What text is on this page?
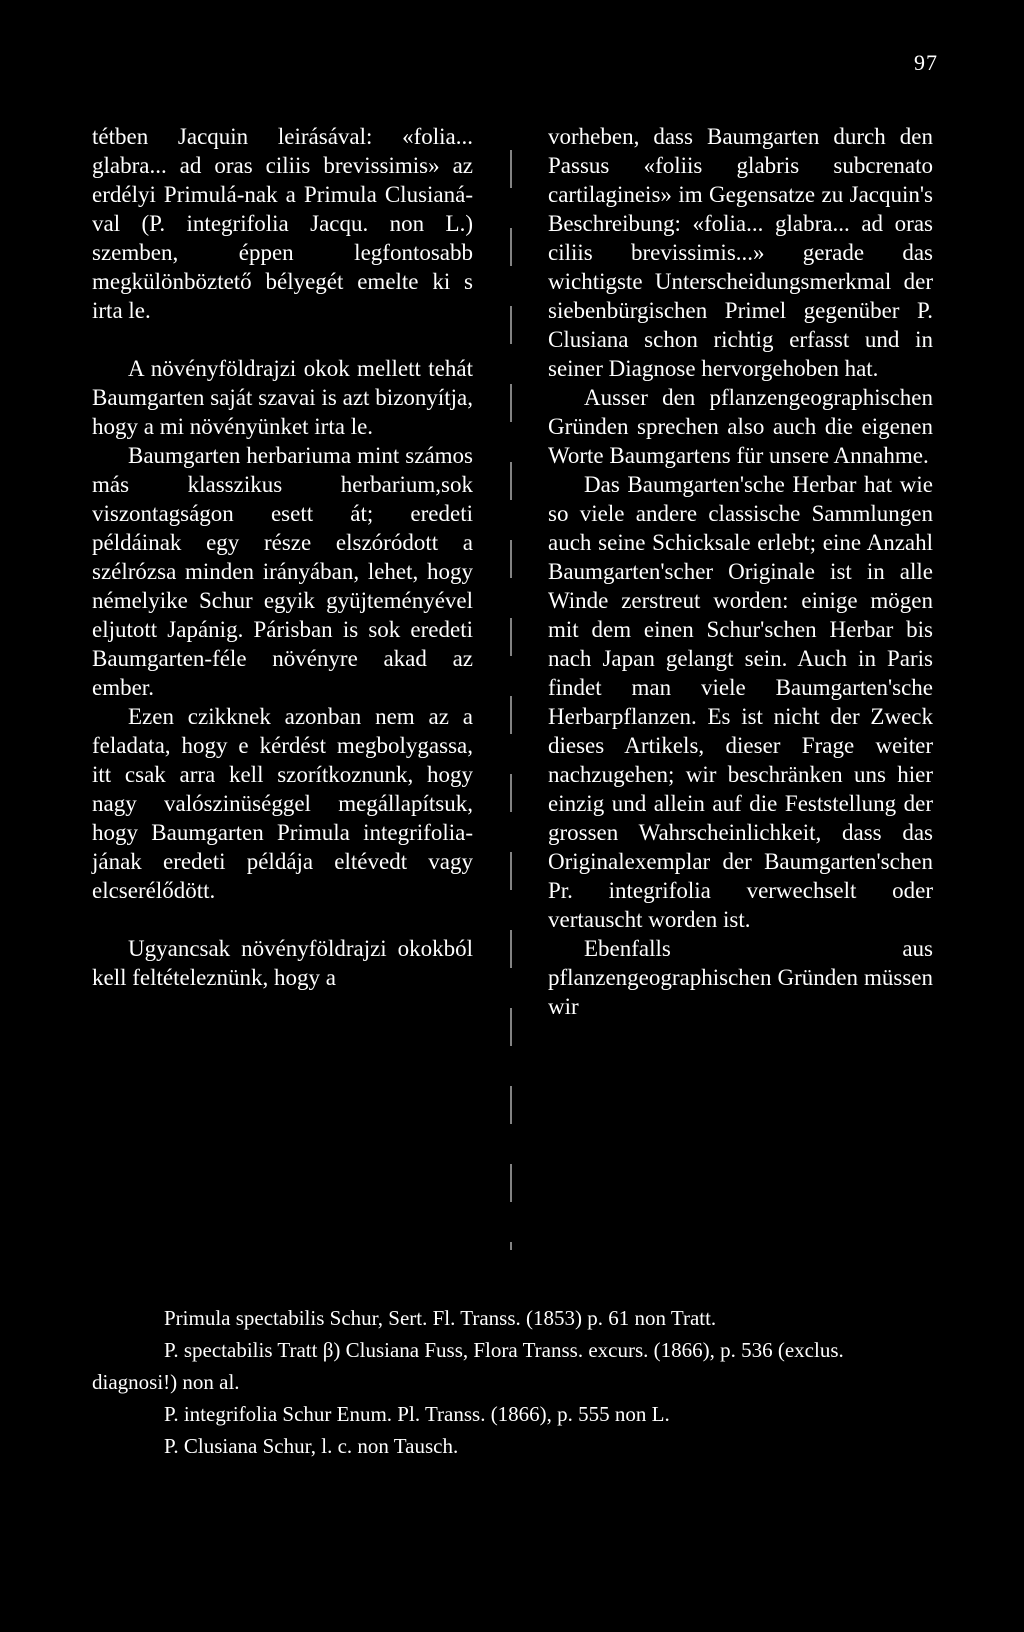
97

tétben Jacquin leirásával: «folia... glabra... ad oras ciliis brevissimis» az erdélyi Primulá-nak a Primula Clusianá-val (P. integrifolia Jacqu. non L.) szemben, éppen legfontosabb megkülönböztető bélyegét emelte ki s irta le.

A növényföldrajzi okok mellett tehát Baumgarten saját szavai is azt bizonyítja, hogy a mi növényünket irta le.

Baumgarten herbariuma mint számos más klasszikus herbarium,sok viszontagságon esett át; eredeti példáinak egy része elszóródott a szélrózsa minden irányában, lehet, hogy némelyike Schur egyik gyüjteményével eljutott Japánig. Párisban is sok eredeti Baumgarten-féle növényre akad az ember.

Ezen czikknek azonban nem az a feladata, hogy e kérdést megbolygassa, itt csak arra kell szorítkoznunk, hogy nagy valószinüséggel megállapítsuk, hogy Baumgarten Primula integrifolia-jának eredeti példája eltévedt vagy elcserélődött.

Ugyancsak növényföldrajzi okokból kell feltételeznünk, hogy a

vorheben, dass Baumgarten durch den Passus «foliis glabris subcrenato cartilagineis» im Gegensatze zu Jacquin's Beschreibung: «folia... glabra... ad oras ciliis brevissimis...» gerade das wichtigste Unterscheidungsmerkmal der siebenbürgischen Primel gegenüber P. Clusiana schon richtig erfasst und in seiner Diagnose hervorgehoben hat.

Ausser den pflanzengeographischen Gründen sprechen also auch die eigenen Worte Baumgartens für unsere Annahme.

Das Baumgarten'sche Herbar hat wie so viele andere classische Sammlungen auch seine Schicksale erlebt; eine Anzahl Baumgarten'scher Originale ist in alle Winde zerstreut worden: einige mögen mit dem einen Schur'schen Herbar bis nach Japan gelangt sein. Auch in Paris findet man viele Baumgarten'sche Herbarpflanzen. Es ist nicht der Zweck dieses Artikels, dieser Frage weiter nachzugehen; wir beschränken uns hier einzig und allein auf die Feststellung der grossen Wahrscheinlichkeit, dass das Originalexemplar der Baumgarten'schen Pr. integrifolia verwechselt oder vertauscht worden ist.

Ebenfalls aus pflanzengeographischen Gründen müssen wir

Primula spectabilis Schur, Sert. Fl. Transs. (1853) p. 61 non Tratt.

P. spectabilis Tratt β) Clusiana Fuss, Flora Transs. excurs. (1866), p. 536 (exclus. diagnosi!) non al.

P. integrifolia Schur Enum. Pl. Transs. (1866), p. 555 non L.

P. Clusiana Schur, l. c. non Tausch.
